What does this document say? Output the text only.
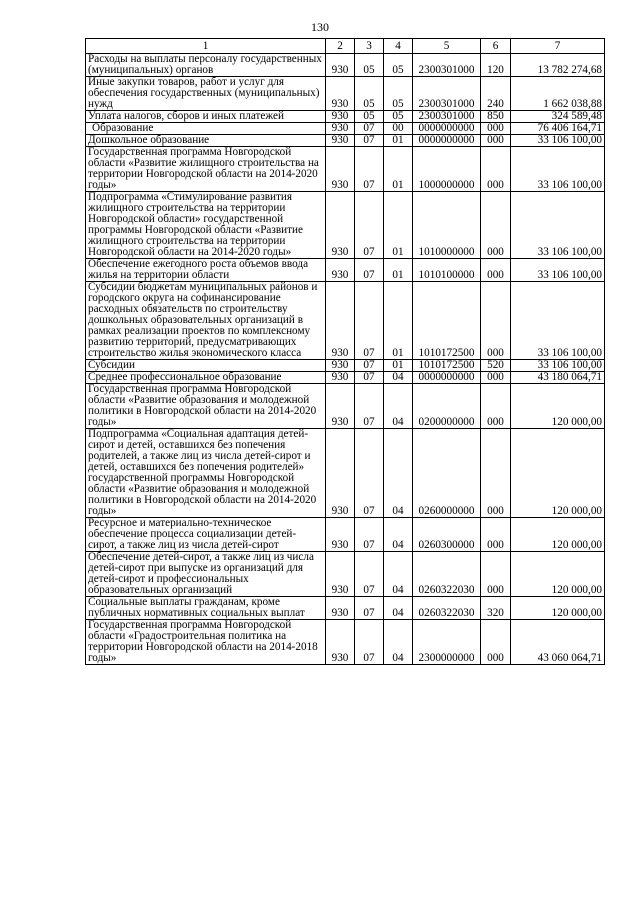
130
1	2	3	4	5	6	7
Расходы на выплаты персоналу государственных (муниципальных) органов	930	05	05	2300301000	120	13 782 274,68
Иные закупки товаров, работ и услуг для обеспечения государственных (муниципальных) нужд	930	05	05	2300301000	240	1 662 038,88
Уплата налогов, сборов и иных платежей	930	05	05	2300301000	850	324 589,48
Образование	930	07	00	0000000000	000	76 406 164,71
Дошкольное образование	930	07	01	0000000000	000	33 106 100,00
Государственная программа Новгородской области «Развитие жилищного строительства на территории Новгородской области на 2014-2020 годы»	930	07	01	1000000000	000	33 106 100,00
Подпрограмма «Стимулирование развития жилищного строительства на территории Новгородской области» государственной программы Новгородской области «Развитие жилищного строительства на территории Новгородской области на 2014-2020 годы»	930	07	01	1010000000	000	33 106 100,00
Обеспечение ежегодного роста объемов ввода жилья на территории области	930	07	01	1010100000	000	33 106 100,00
Субсидии бюджетам муниципальных районов и городского округа на софинансирование расходных обязательств по строительству дошкольных образовательных организаций в рамках реализации проектов по комплексному развитию территорий, предусматривающих строительство жилья экономического класса	930	07	01	1010172500	000	33 106 100,00
Субсидии	930	07	01	1010172500	520	33 106 100,00
Среднее профессиональное образование	930	07	04	0000000000	000	43 180 064,71
Государственная программа Новгородской области «Развитие образования и молодежной политики в Новгородской области на 2014-2020 годы»	930	07	04	0200000000	000	120 000,00
Подпрограмма «Социальная адаптация детей-сирот и детей, оставшихся без попечения родителей, а также лиц из числа детей-сирот и детей, оставшихся без попечения родителей» государственной программы Новгородской области «Развитие образования и молодежной политики в Новгородской области на 2014-2020 годы»	930	07	04	0260000000	000	120 000,00
Ресурсное и материально-техническое обеспечение процесса социализации детей-сирот, а также лиц из числа детей-сирот	930	07	04	0260300000	000	120 000,00
Обеспечение детей-сирот, а также лиц из числа детей-сирот при выпуске из организаций для детей-сирот и профессиональных образовательных организаций	930	07	04	0260322030	000	120 000,00
Социальные выплаты гражданам, кроме публичных нормативных социальных выплат	930	07	04	0260322030	320	120 000,00
Государственная программа Новгородской области «Градостроительная политика на территории Новгородской области на 2014-2018 годы»	930	07	04	2300000000	000	43 060 064,71
